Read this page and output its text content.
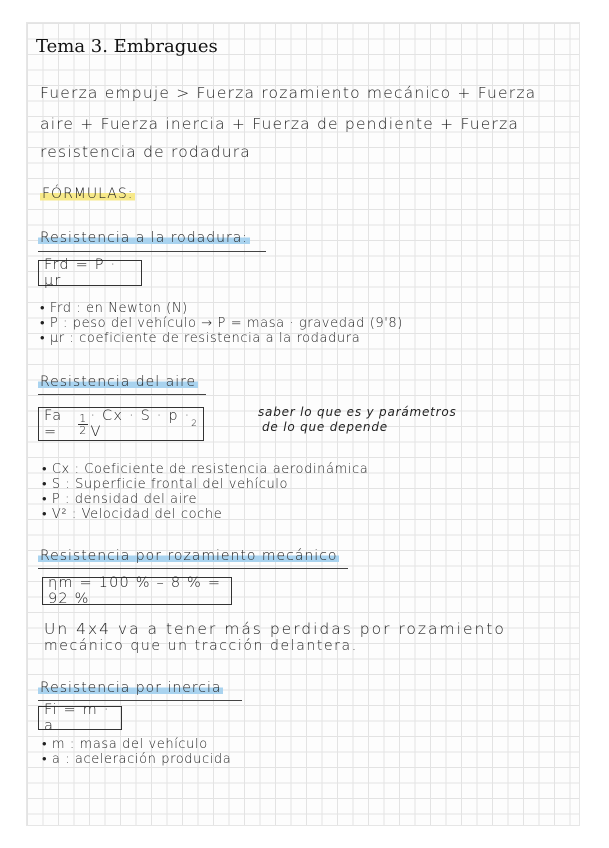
Tema 3. Embragues
Fuerza empuje > Fuerza rozamiento mecánico + Fuerza
aire + Fuerza inercia + Fuerza de pendiente + Fuerza
resistencia de rodadura
FÓRMULAS:
Resistencia a la rodadura:
Frd = P · μr
• Frd : en Newton (N)
• P : peso del vehículo → P = masa · gravedad (9'8)
• μr : coeficiente de resistencia a la rodadura
Resistencia del aire
Fa =	$\frac{1}{2} \cdot Cx \cdot S \cdot p \cdot V$	2
saber lo que es y parámetros
de lo que depende
• Cx : Coeficiente de resistencia aerodinámica
• S : Superficie frontal del vehículo
• P : densidad del aire
• V² : Velocidad del coche
Resistencia por rozamiento mecánico
ηm = 100 % – 8 % = 92 %
Un 4x4 va a tener más perdidas por rozamiento
mecánico que un tracción delantera.
Resistencia por inercia
Fi = m · a
• m : masa del vehículo
• a : aceleración producida
